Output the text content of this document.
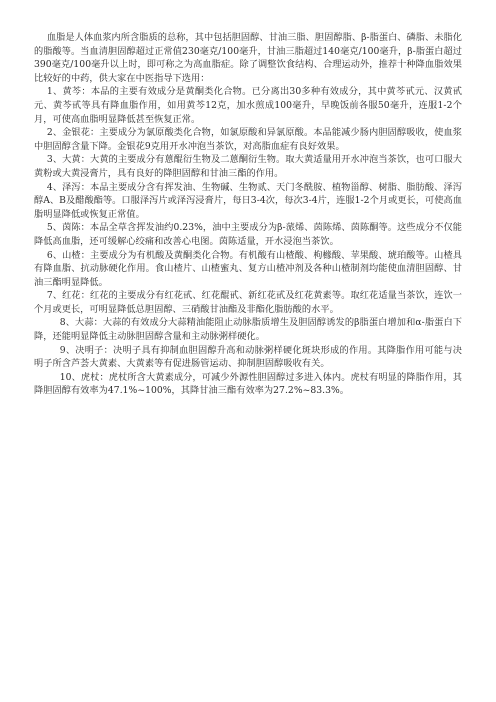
血脂是人体血浆内所含脂质的总称，其中包括胆固醇、甘油三脂、胆固醇脂、β-脂蛋白、磷脂、未脂化的脂酸等。当血清胆固醇超过正常值230毫克/100毫升，甘油三脂超过140毫克/100毫升，β-脂蛋白超过390毫克/100毫升以上时，即可称之为高血脂症。除了调整饮食结构、合理运动外，推荐十种降血脂效果比较好的中药，供大家在中医指导下选用：

1、黄芩：本品的主要有效成分是黄酮类化合物。已分离出30多种有效成分，其中黄芩甙元、汉黄甙元、黄芩甙等具有降血脂作用，如用黄芩12克，加水煎成100毫升，早晚饭前各服50毫升，连服1-2个月，可使高血脂明显降低甚至恢复正常。

2、金银花：主要成分为氯原酸类化合物，如氯原酸和异氯原酸。本品能减少肠内胆固醇吸收，使血浆中胆固醇含量下降。金银花9克用开水冲泡当茶饮，对高脂血症有良好效果。

3、大黄：大黄的主要成分有蒽醌衍生物及二蒽酮衍生物。取大黄适量用开水冲泡当茶饮，也可口服大黄粉或大黄浸膏片，具有良好的降胆固醇和甘油三酯的作用。

4、泽泻：本品主要成分含有挥发油、生物碱、生物贰、天门冬酰胺、植物甾醇、树脂、脂肪酸、泽泻醇A、B及醋酸酯等。口服泽泻片或泽泻浸膏片，每日3-4次，每次3-4片，连服1-2个月或更长，可使高血脂明显降低或恢复正常值。

5、茵陈：本品全草含挥发油约0.23%，油中主要成分为β-蒎烯、茵陈烯、茵陈酮等。这些成分不仅能降低高血脂，还可缓解心绞痛和改善心电图。茵陈适量，开水浸泡当茶饮。

6、山楂：主要成分为有机酸及黄酮类化合物。有机酸有山楂酸、枸橼酸、苹果酸、琥珀酸等。山楂具有降血脂、抗动脉硬化作用。食山楂片、山楂蜜丸、复方山楂冲剂及各种山楂制剂均能使血清胆固醇、甘油三酯明显降低。

7、红花：红花的主要成分有红花甙、红花醌甙、新红花甙及红花黄素等。取红花适量当茶饮，连饮一个月或更长，可明显降低总胆固醇、三硝酸甘油酯及非酯化脂肪酸的水平。

8、大蒜：大蒜的有效成分大蒜精油能阻止动脉脂质增生及胆固醇诱发的β脂蛋白增加和α-脂蛋白下降，还能明显降低主动脉胆固醇含量和主动脉粥样硬化。

9、决明子：决明子具有抑制血胆固醇升高和动脉粥样硬化斑块形成的作用。其降脂作用可能与决明子所含芦荟大黄素、大黄素等有促进肠管运动、抑制胆固醇吸收有关。

10、虎杖：虎杖所含大黄素成分，可减少外源性胆固醇过多进入体内。虎杖有明显的降脂作用，其降胆固醇有效率为47.1%~100%，其降甘油三酯有效率为27.2%~83.3%。
